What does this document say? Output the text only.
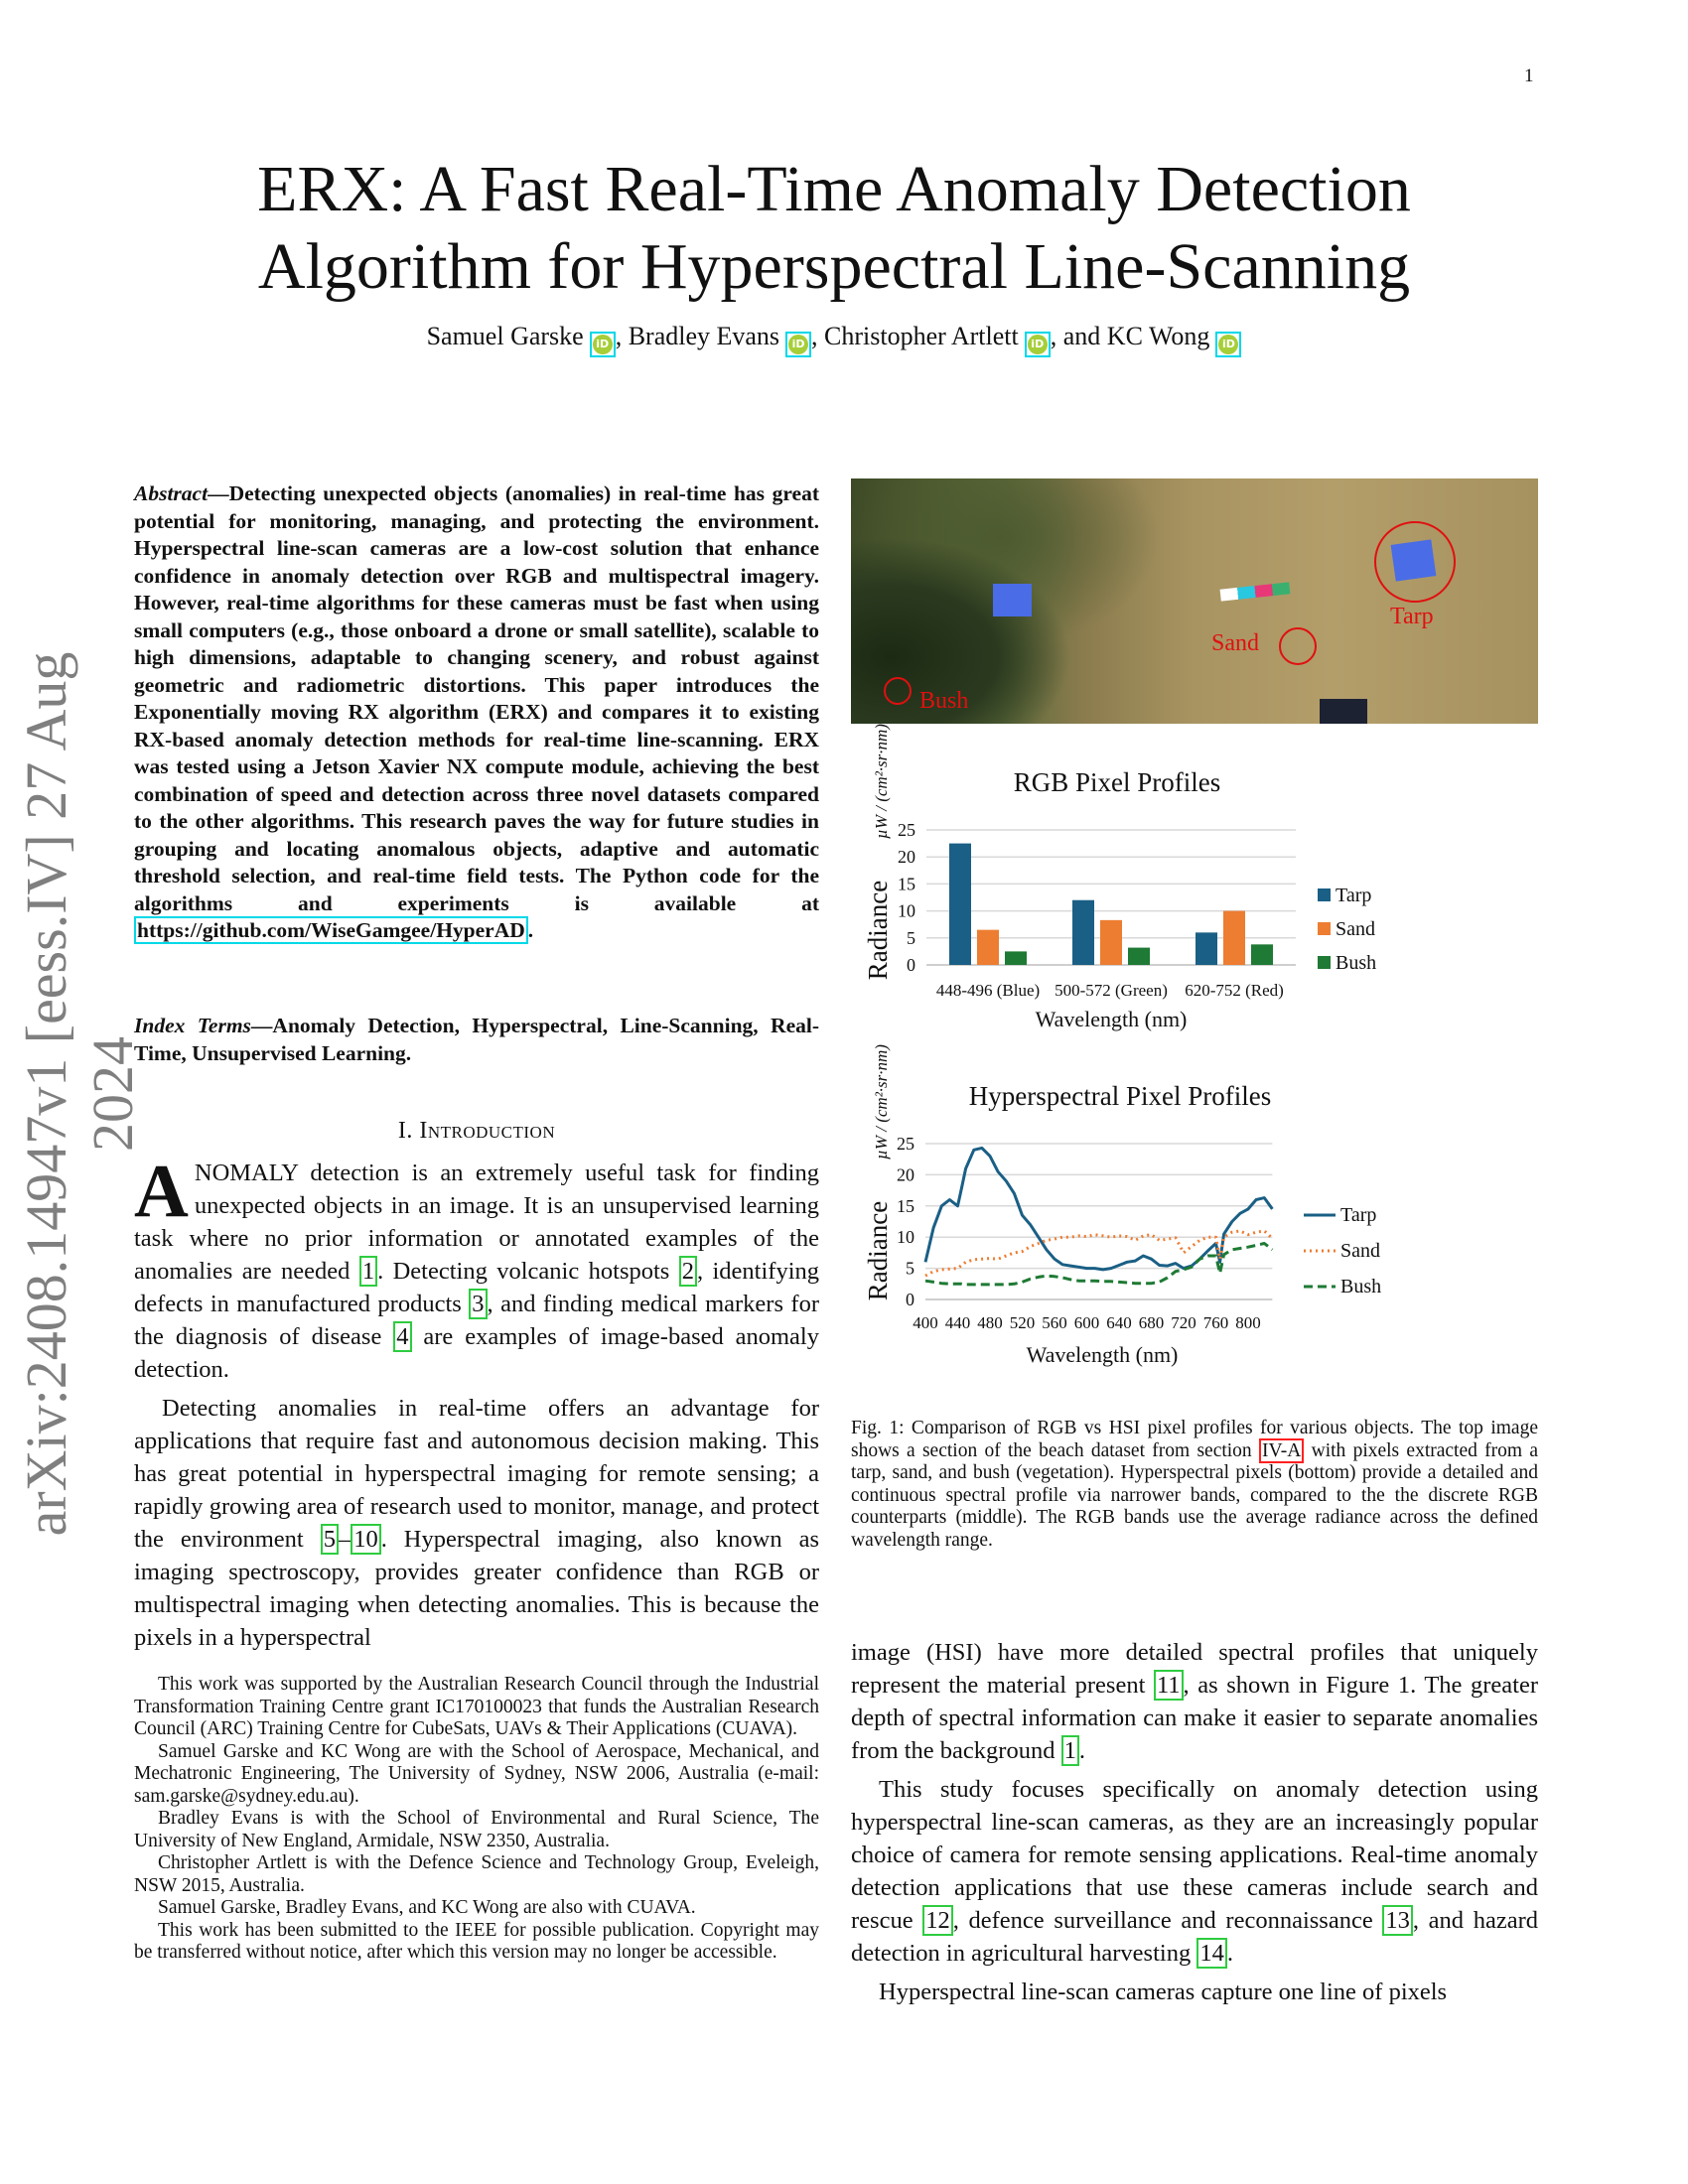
1
arXiv:2408.14947v1 [eess.IV] 27 Aug 2024
ERX: A Fast Real-Time Anomaly Detection
Algorithm for Hyperspectral Line-Scanning
Samuel Garske	iD , Bradley Evans	iD , Christopher Artlett	iD , and KC Wong	iD
Abstract—Detecting unexpected objects (anomalies) in real-time has great potential for monitoring, managing, and protecting the environment. Hyperspectral line-scan cameras are a low-cost solution that enhance confidence in anomaly detection over RGB and multispectral imagery. However, real-time algorithms for these cameras must be fast when using small computers (e.g., those onboard a drone or small satellite), scalable to high dimensions, adaptable to changing scenery, and robust against geometric and radiometric distortions. This paper introduces the Exponentially moving RX algorithm (ERX) and compares it to existing RX-based anomaly detection methods for real-time line-scanning. ERX was tested using a Jetson Xavier NX compute module, achieving the best combination of speed and detection across three novel datasets compared to the other algorithms. This research paves the way for future studies in grouping and locating anomalous objects, adaptive and automatic threshold selection, and real-time field tests. The Python code for the algorithms and experiments is available at https://github.com/WiseGamgee/HyperAD .
Index Terms—Anomaly Detection, Hyperspectral, Line-Scanning, Real-Time, Unsupervised Learning.
I. Introduction

ANOMALY detection is an extremely useful task for finding unexpected objects in an image. It is an unsupervised learning task where no prior information or annotated examples of the anomalies are needed 1 . Detecting volcanic hotspots 2 , identifying defects in manufactured products 3 , and finding medical markers for the diagnosis of disease 4 are examples of image-based anomaly detection.

Detecting anomalies in real-time offers an advantage for applications that require fast and autonomous decision making. This has great potential in hyperspectral imaging for remote sensing; a rapidly growing area of research used to monitor, manage, and protect the environment 5 – 10 . Hyperspectral imaging, also known as imaging spectroscopy, provides greater confidence than RGB or multispectral imaging when detecting anomalies. This is because the pixels in a hyperspectral

This work was supported by the Australian Research Council through the Industrial Transformation Training Centre grant IC170100023 that funds the Australian Research Council (ARC) Training Centre for CubeSats, UAVs & Their Applications (CUAVA).

Samuel Garske and KC Wong are with the School of Aerospace, Mechanical, and Mechatronic Engineering, The University of Sydney, NSW 2006, Australia (e-mail: sam.garske@sydney.edu.au).

Bradley Evans is with the School of Environmental and Rural Science, The University of New England, Armidale, NSW 2350, Australia.

Christopher Artlett is with the Defence Science and Technology Group, Eveleigh, NSW 2015, Australia.

Samuel Garske, Bradley Evans, and KC Wong are also with CUAVA.

This work has been submitted to the IEEE for possible publication. Copyright may be transferred without notice, after which this version may no longer be accessible.

Tarp
Sand
Bush
RGB Pixel Profiles
0
5
10
15
20
25
448-496 (Blue) 500-572 (Green) 620-752 (Red)
Tarp
Sand
Bush
Wavelength (nm)
Radiance
µW / (cm²·sr·nm)
Hyperspectral Pixel Profiles
0
5
10
15
20
25
400 440 480 520 560 600 640 680 720 760 800
Tarp
Sand
Bush
Wavelength (nm)
Radiance
µW / (cm²·sr·nm)
Fig. 1: Comparison of RGB vs HSI pixel profiles for various objects. The top image shows a section of the beach dataset from section IV-A with pixels extracted from a tarp, sand, and bush (vegetation). Hyperspectral pixels (bottom) provide a detailed and continuous spectral profile via narrower bands, compared to the the discrete RGB counterparts (middle). The RGB bands use the average radiance across the defined wavelength range.

image (HSI) have more detailed spectral profiles that uniquely represent the material present 11 , as shown in Figure 1. The greater depth of spectral information can make it easier to separate anomalies from the background 1 .

This study focuses specifically on anomaly detection using hyperspectral line-scan cameras, as they are an increasingly popular choice of camera for remote sensing applications. Real-time anomaly detection applications that use these cameras include search and rescue 12 , defence surveillance and reconnaissance 13 , and hazard detection in agricultural harvesting 14 .

Hyperspectral line-scan cameras capture one line of pixels
